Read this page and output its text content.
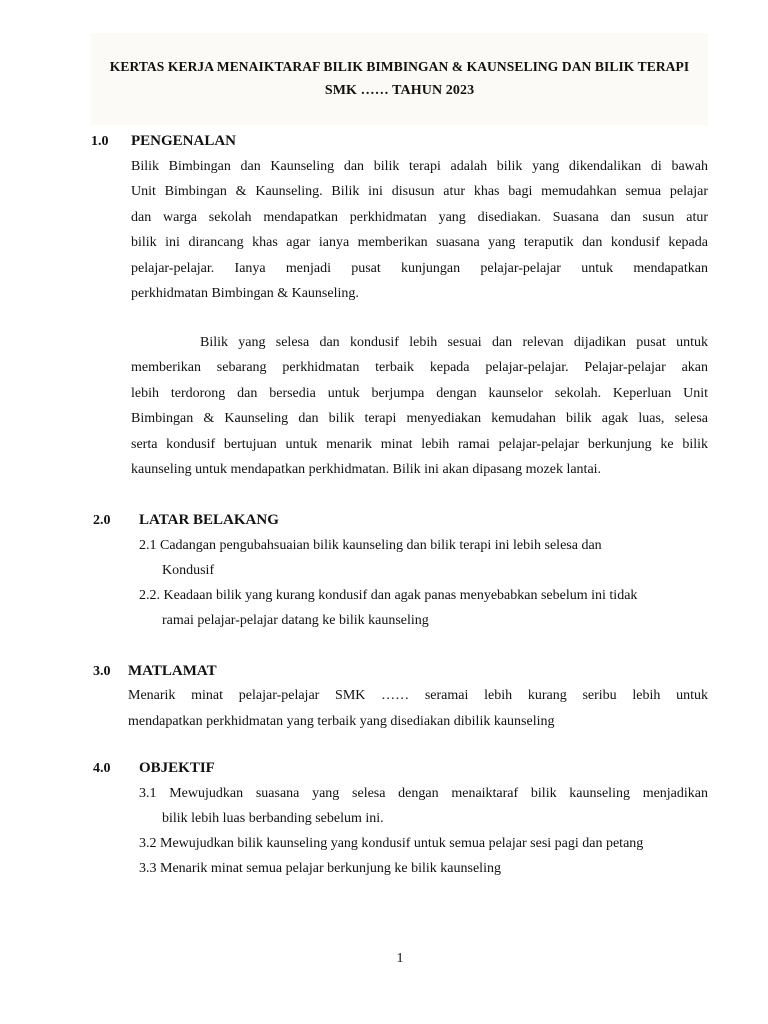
KERTAS KERJA MENAIKTARAF BILIK BIMBINGAN & KAUNSELING DAN BILIK TERAPI
SMK …… TAHUN 2023
1.0 PENGENALAN
Bilik Bimbingan dan Kaunseling dan bilik terapi adalah bilik yang dikendalikan di bawah
Unit Bimbingan & Kaunseling. Bilik ini disusun atur khas bagi memudahkan semua pelajar
dan warga sekolah mendapatkan perkhidmatan yang disediakan. Suasana dan susun atur
bilik ini dirancang khas agar ianya memberikan suasana yang teraputik dan kondusif kepada
pelajar-pelajar. Ianya menjadi pusat kunjungan pelajar-pelajar untuk mendapatkan
perkhidmatan Bimbingan & Kaunseling.
Bilik yang selesa dan kondusif lebih sesuai dan relevan dijadikan pusat untuk
memberikan sebarang perkhidmatan terbaik kepada pelajar-pelajar. Pelajar-pelajar akan
lebih terdorong dan bersedia untuk berjumpa dengan kaunselor sekolah. Keperluan Unit
Bimbingan & Kaunseling dan bilik terapi menyediakan kemudahan bilik agak luas, selesa
serta kondusif bertujuan untuk menarik minat lebih ramai pelajar-pelajar berkunjung ke bilik
kaunseling untuk mendapatkan perkhidmatan. Bilik ini akan dipasang mozek lantai.
2.0 LATAR BELAKANG
2.1 Cadangan pengubahsuaian bilik kaunseling dan bilik terapi ini lebih selesa dan
Kondusif
2.2. Keadaan bilik yang kurang kondusif dan agak panas menyebabkan sebelum ini tidak
ramai pelajar-pelajar datang ke bilik kaunseling
3.0 MATLAMAT
Menarik minat pelajar-pelajar SMK …… seramai lebih kurang seribu lebih untuk
mendapatkan perkhidmatan yang terbaik yang disediakan dibilik kaunseling
4.0 OBJEKTIF
3.1 Mewujudkan suasana yang selesa dengan menaiktaraf bilik kaunseling menjadikan
bilik lebih luas berbanding sebelum ini.
3.2 Mewujudkan bilik kaunseling yang kondusif untuk semua pelajar sesi pagi dan petang
3.3 Menarik minat semua pelajar berkunjung ke bilik kaunseling
1
